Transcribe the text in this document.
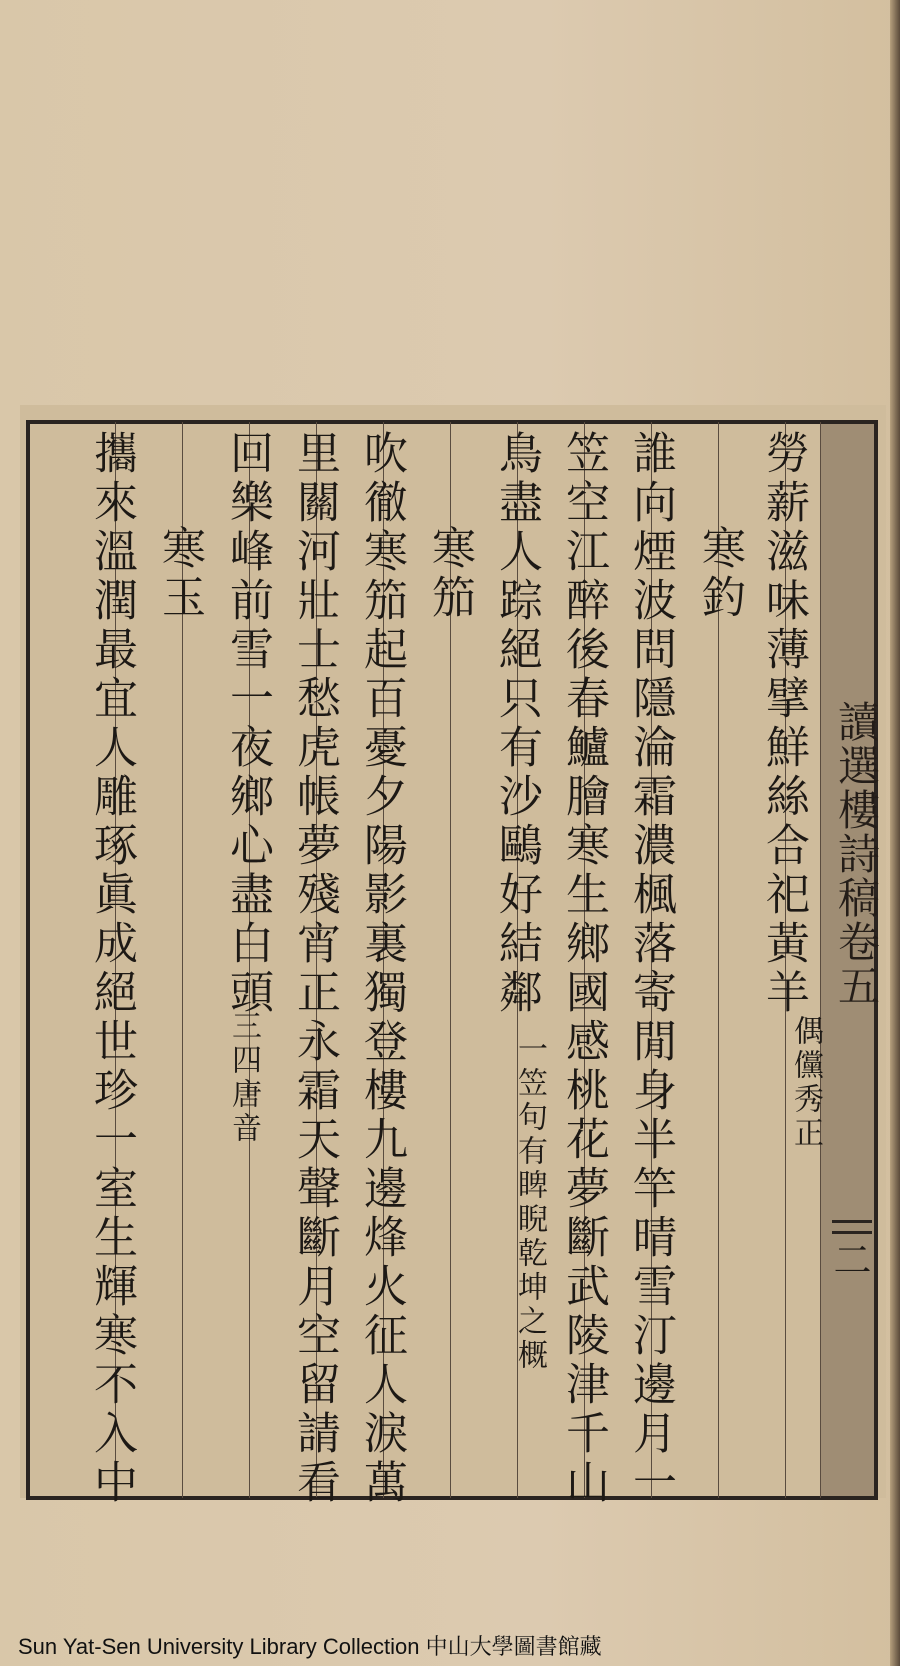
讀選樓詩稿卷五
二
勞薪滋味薄擘鮮絲合祀黃羊
偶儻秀正
寒釣
誰向煙波問隱淪霜濃楓落寄閒身半竿晴雪汀邊月一
笠空江醉後春鱸膾寒生鄉國感桃花夢斷武陵津千山
鳥盡人踪絕只有沙鷗好結鄰
一笠句有睥睨乾坤之概
寒笳
吹徹寒笳起百憂夕陽影裏獨登樓九邊烽火征人淚萬
里關河壯士愁虎帳夢殘宵正永霜天聲斷月空留請看
回樂峰前雪一夜鄉心盡白頭
三四唐音
寒玉
攜來溫潤最宜人雕琢眞成絕世珍一室生輝寒不入中
Sun Yat-Sen University Library Collection 中山大學圖書館藏
